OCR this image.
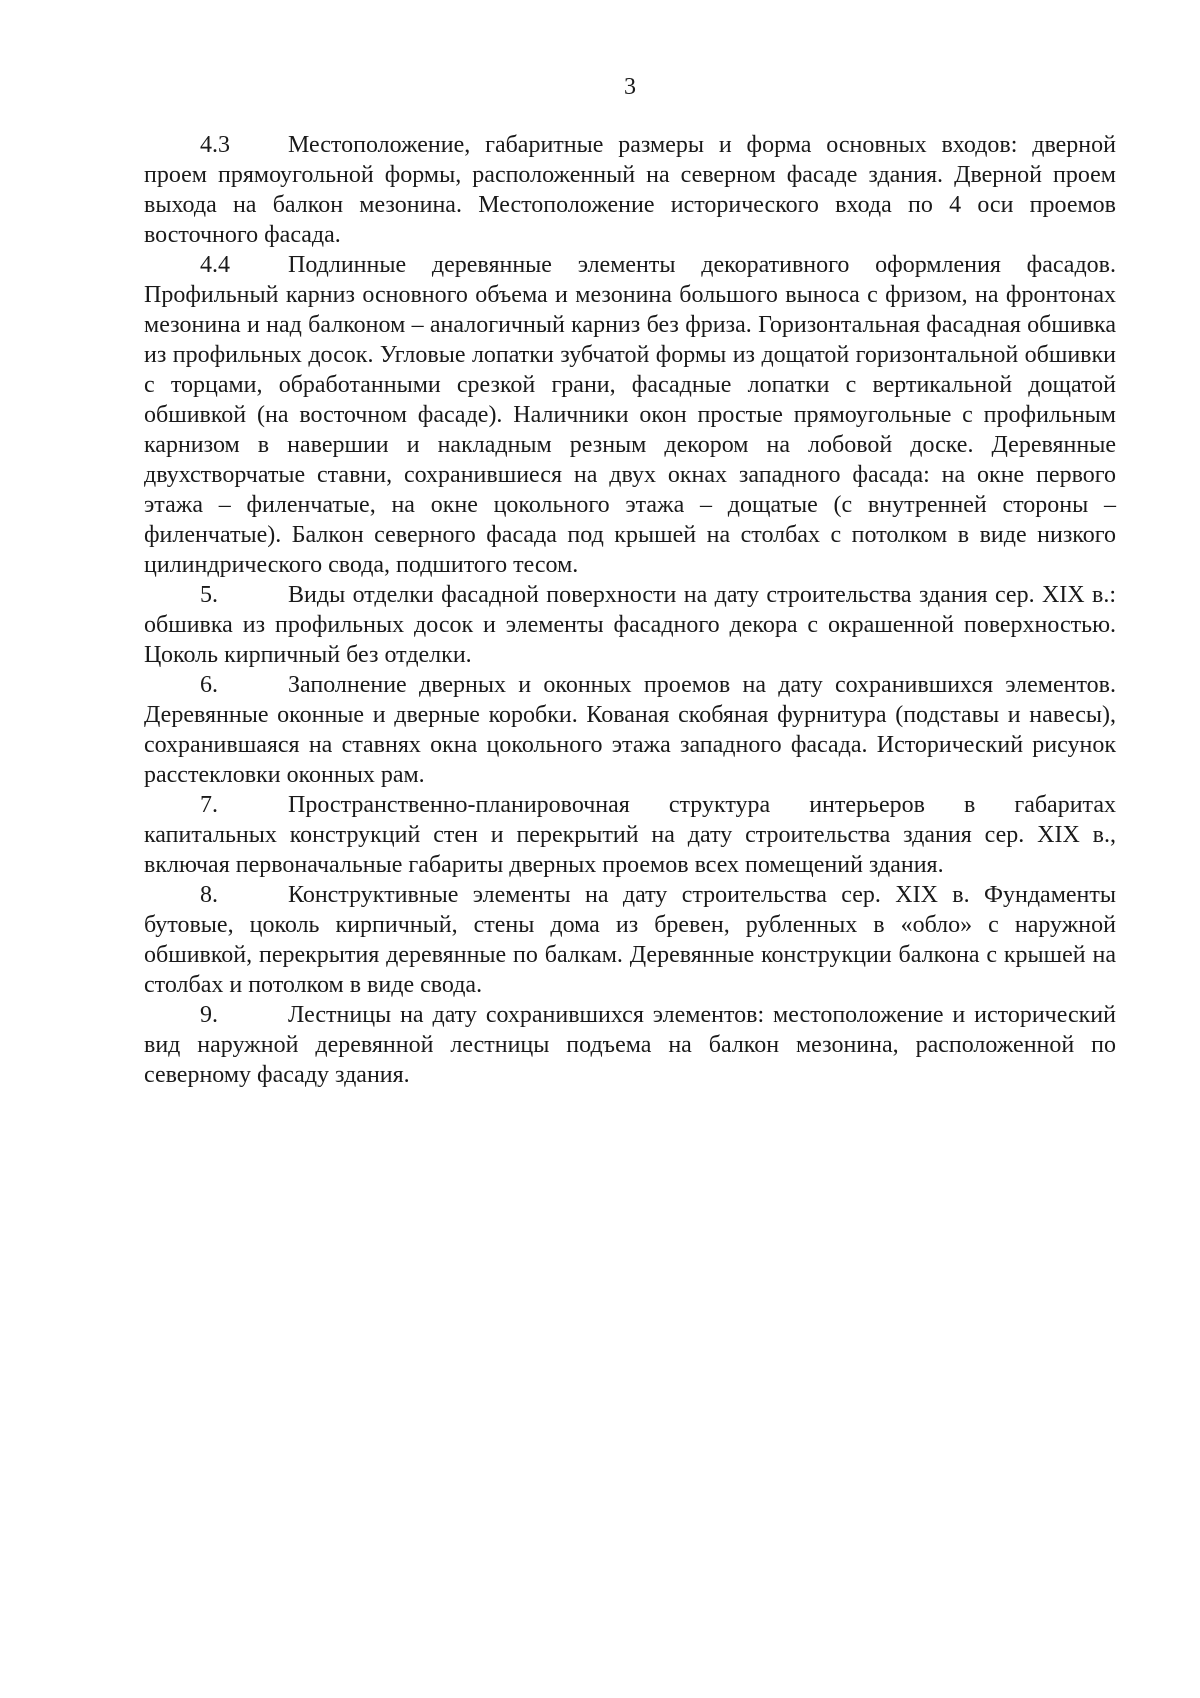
3

4.3 Местоположение, габаритные размеры и форма основных входов: дверной проем прямоугольной формы, расположенный на северном фасаде здания. Дверной проем выхода на балкон мезонина. Местоположение исторического входа по 4 оси проемов восточного фасада.

4.4 Подлинные деревянные элементы декоративного оформления фасадов. Профильный карниз основного объема и мезонина большого выноса с фризом, на фронтонах мезонина и над балконом – аналогичный карниз без фриза. Горизонтальная фасадная обшивка из профильных досок. Угловые лопатки зубчатой формы из дощатой горизонтальной обшивки с торцами, обработанными срезкой грани, фасадные лопатки с вертикальной дощатой обшивкой (на восточном фасаде). Наличники окон простые прямоугольные с профильным карнизом в навершии и накладным резным декором на лобовой доске. Деревянные двухстворчатые ставни, сохранившиеся на двух окнах западного фасада: на окне первого этажа – филенчатые, на окне цокольного этажа – дощатые (с внутренней стороны – филенчатые). Балкон северного фасада под крышей на столбах с потолком в виде низкого цилиндрического свода, подшитого тесом.

5.	Виды отделки фасадной поверхности на дату строительства здания сер. XIX в.: обшивка из профильных досок и элементы фасадного декора с окрашенной поверхностью. Цоколь кирпичный без отделки.

6.	Заполнение дверных и оконных проемов на дату сохранившихся элементов. Деревянные оконные и дверные коробки. Кованая скобяная фурнитура (подставы и навесы), сохранившаяся на ставнях окна цокольного этажа западного фасада. Исторический рисунок расстекловки оконных рам.

7.	Пространственно-планировочная структура интерьеров в габаритах капитальных конструкций стен и перекрытий на дату строительства здания сер. XIX в., включая первоначальные габариты дверных проемов всех помещений здания.

8.	Конструктивные элементы на дату строительства сер. XIX в. Фундаменты бутовые, цоколь кирпичный, стены дома из бревен, рубленных в «обло» с наружной обшивкой, перекрытия деревянные по балкам. Деревянные конструкции балкона с крышей на столбах и потолком в виде свода.

9.	Лестницы на дату сохранившихся элементов: местоположение и исторический вид наружной деревянной лестницы подъема на балкон мезонина, расположенной по северному фасаду здания.
